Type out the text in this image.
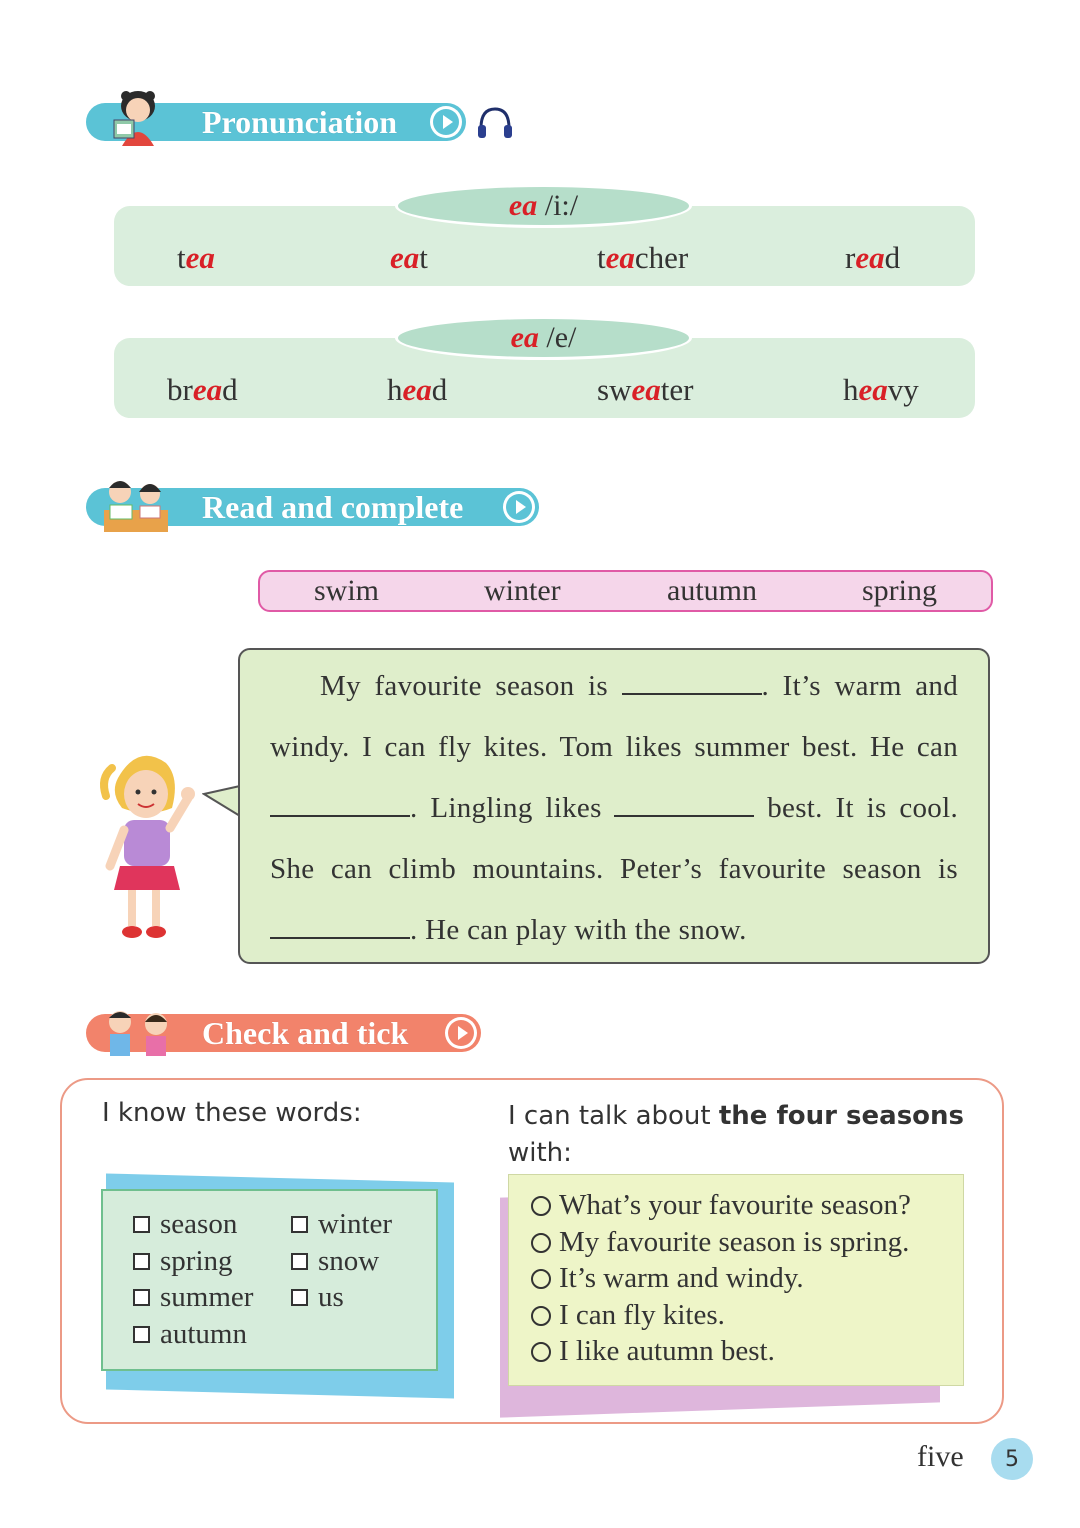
Pronunciation
ea /i:/
tea	eat	teacher	read
ea /e/
bread	head	sweater	heavy
Read and complete
swim	winter	autumn	spring
My favourite season is	. It’s warm and
windy. I can fly kites. Tom likes summer best. He can
. Lingling likes	best. It is cool.
She can climb mountains. Peter’s favourite season is
. He can play with the snow.
Check and tick
I know these words:	I can talk about the four seasons
with:
season
spring
summer
autumn
winter
snow
us
What’s your favourite season?
My favourite season is spring.
It’s warm and windy.
I can fly kites.
I like autumn best.
five 5
